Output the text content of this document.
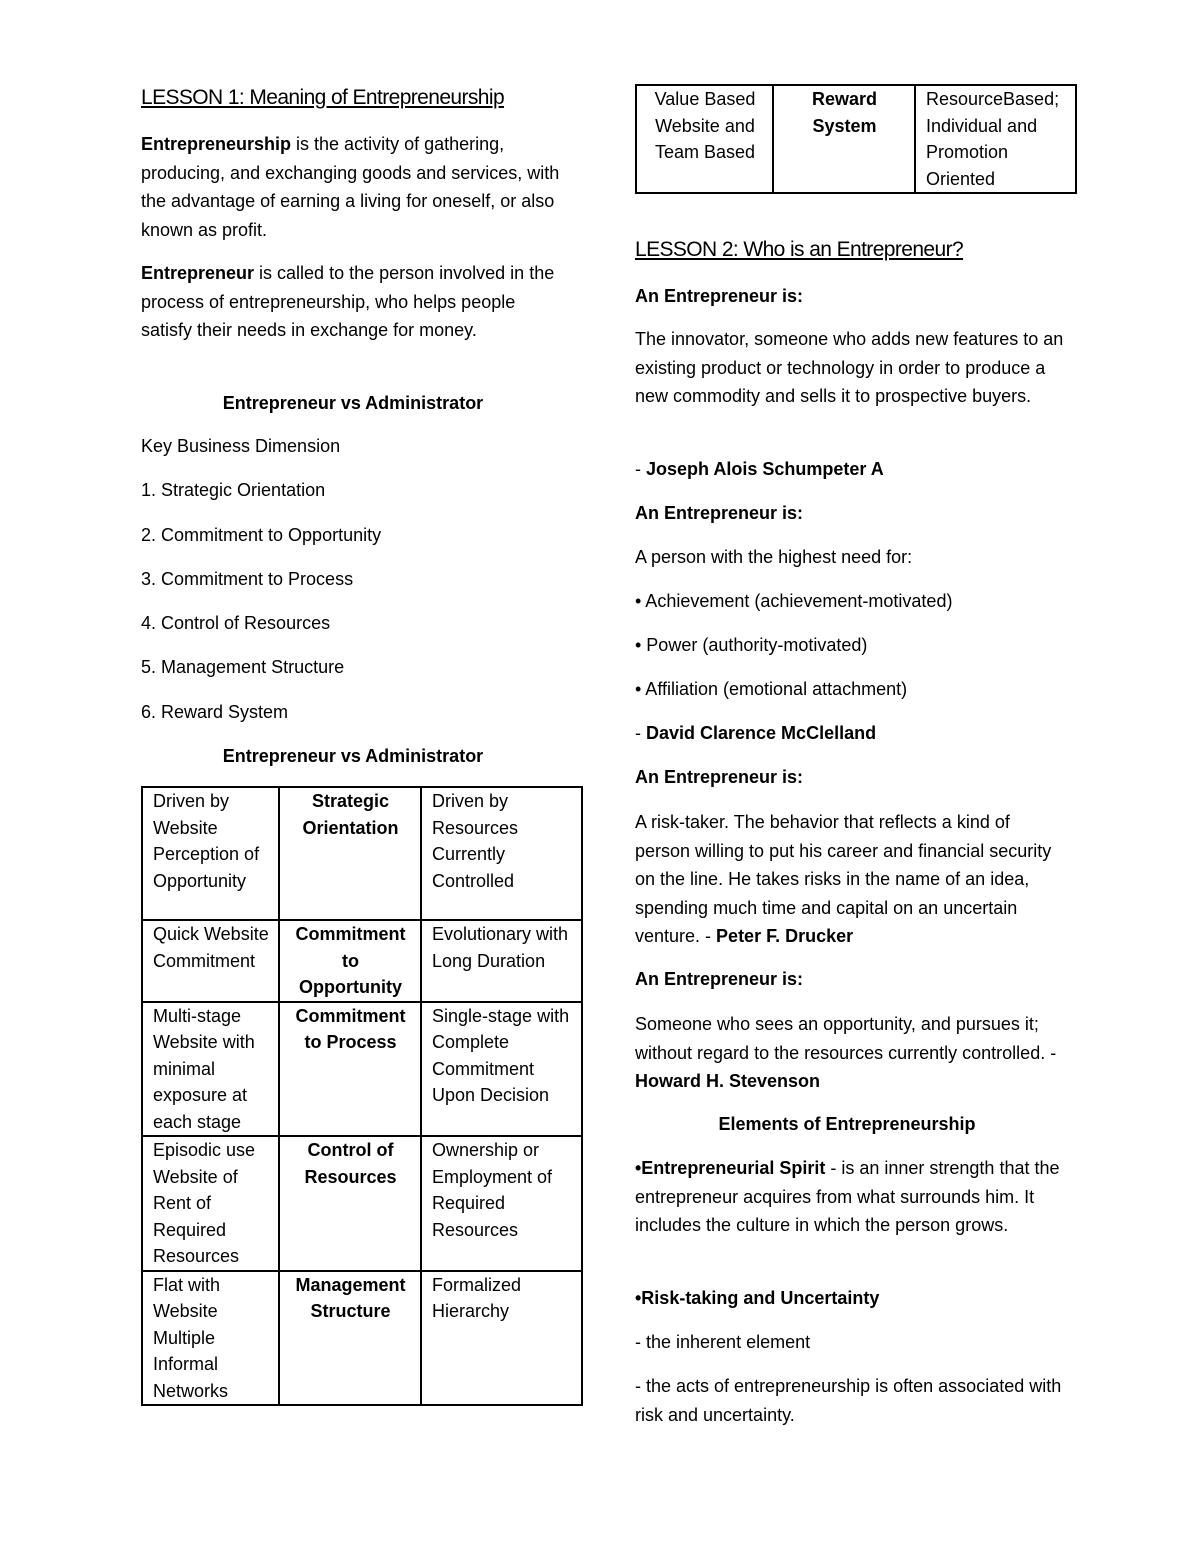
LESSON 1: Meaning of Entrepreneurship

Entrepreneurship is the activity of gathering, producing, and exchanging goods and services, with the advantage of earning a living for oneself, or also known as profit.

Entrepreneur is called to the person involved in the process of entrepreneurship, who helps people satisfy their needs in exchange for money.

Entrepreneur vs Administrator

Key Business Dimension

1. Strategic Orientation

2. Commitment to Opportunity

3. Commitment to Process

4. Control of Resources

5. Management Structure

6. Reward System

Entrepreneur vs Administrator

Driven by Website Perception of Opportunity	Strategic Orientation	Driven by Resources Currently Controlled
Quick Website Commitment	Commitment to Opportunity	Evolutionary with Long Duration
Multi-stage Website with minimal exposure at each stage	Commitment to Process	Single-stage with Complete Commitment Upon Decision
Episodic use Website of Rent of Required Resources	Control of Resources	Ownership or Employment of Required Resources
Flat with Website Multiple Informal Networks	Management Structure	Formalized Hierarchy
Value Based Website and Team Based	Reward System	ResourceBased; Individual and Promotion Oriented
LESSON 2: Who is an Entrepreneur?

An Entrepreneur is:

The innovator, someone who adds new features to an existing product or technology in order to produce a new commodity and sells it to prospective buyers.

- Joseph Alois Schumpeter A

An Entrepreneur is:

A person with the highest need for:

• Achievement (achievement-motivated)

• Power (authority-motivated)

• Affiliation (emotional attachment)

- David Clarence McClelland

An Entrepreneur is:

A risk-taker. The behavior that reflects a kind of person willing to put his career and financial security on the line. He takes risks in the name of an idea, spending much time and capital on an uncertain venture. - Peter F. Drucker

An Entrepreneur is:

Someone who sees an opportunity, and pursues it; without regard to the resources currently controlled. - Howard H. Stevenson

Elements of Entrepreneurship

•Entrepreneurial Spirit - is an inner strength that the entrepreneur acquires from what surrounds him. It includes the culture in which the person grows.

•Risk-taking and Uncertainty

- the inherent element

- the acts of entrepreneurship is often associated with risk and uncertainty.
